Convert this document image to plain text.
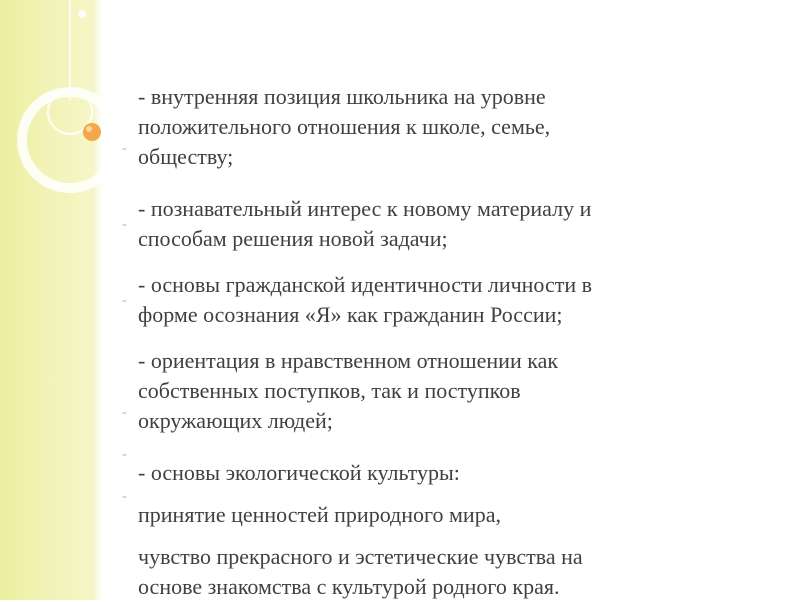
- внутренняя позиция школьника на уровне
положительного отношения к школе, семье,
обществу;

-

- познавательный интерес к новому материалу и
способам решения новой задачи;

-

- основы гражданской идентичности личности в
форме осознания «Я» как гражданин России;

-

- ориентация в нравственном отношении как
собственных поступков, так и поступков
окружающих людей;

-

- основы экологической культуры:

-

принятие ценностей природного мира,

-

чувство прекрасного и эстетические чувства на
основе знакомства с культурой родного края.
